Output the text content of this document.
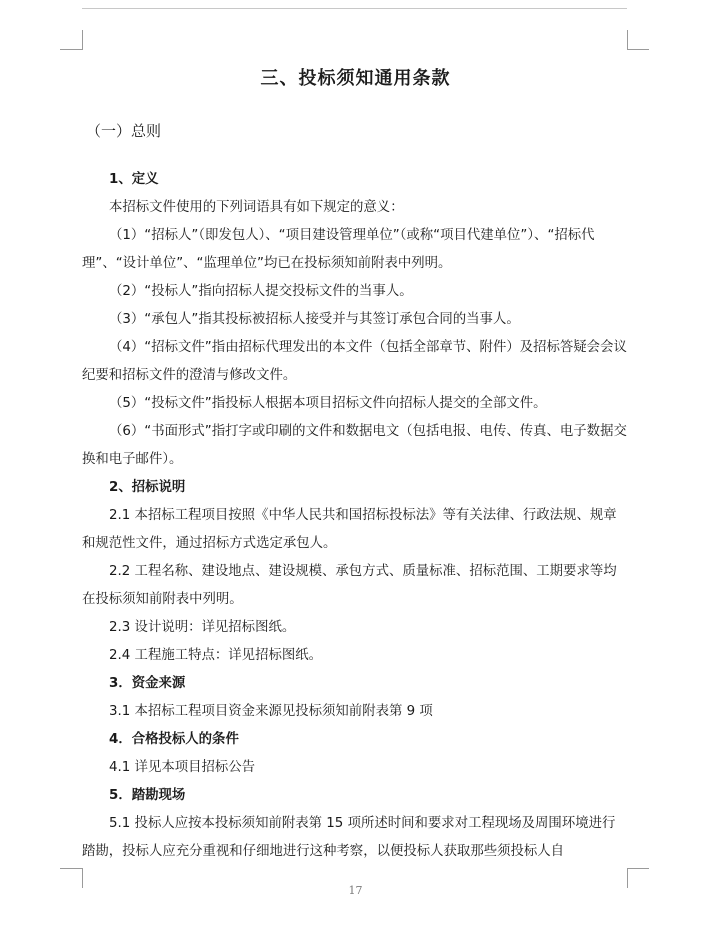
三、投标须知通用条款
（一）总则

1、定义

本招标文件使用的下列词语具有如下规定的意义：

（1）“招标人”（即发包人）、“项目建设管理单位”（或称“项目代建单位”）、“招标代理”、“设计单位”、“监理单位”均已在投标须知前附表中列明。

（2）“投标人”指向招标人提交投标文件的当事人。

（3）“承包人”指其投标被招标人接受并与其签订承包合同的当事人。

（4）“招标文件”指由招标代理发出的本文件（包括全部章节、附件）及招标答疑会会议纪要和招标文件的澄清与修改文件。

（5）“投标文件”指投标人根据本项目招标文件向招标人提交的全部文件。

（6）“书面形式”指打字或印刷的文件和数据电文（包括电报、电传、传真、电子数据交换和电子邮件）。

2、招标说明

2.1 本招标工程项目按照《中华人民共和国招标投标法》等有关法律、行政法规、规章和规范性文件，通过招标方式选定承包人。

2.2 工程名称、建设地点、建设规模、承包方式、质量标准、招标范围、工期要求等均在投标须知前附表中列明。

2.3 设计说明：详见招标图纸。

2.4 工程施工特点：详见招标图纸。

3．资金来源

3.1 本招标工程项目资金来源见投标须知前附表第 9 项

4．合格投标人的条件

4.1 详见本项目招标公告

5．踏勘现场

5.1 投标人应按本投标须知前附表第 15 项所述时间和要求对工程现场及周围环境进行踏勘，投标人应充分重视和仔细地进行这种考察，以便投标人获取那些须投标人自

17
